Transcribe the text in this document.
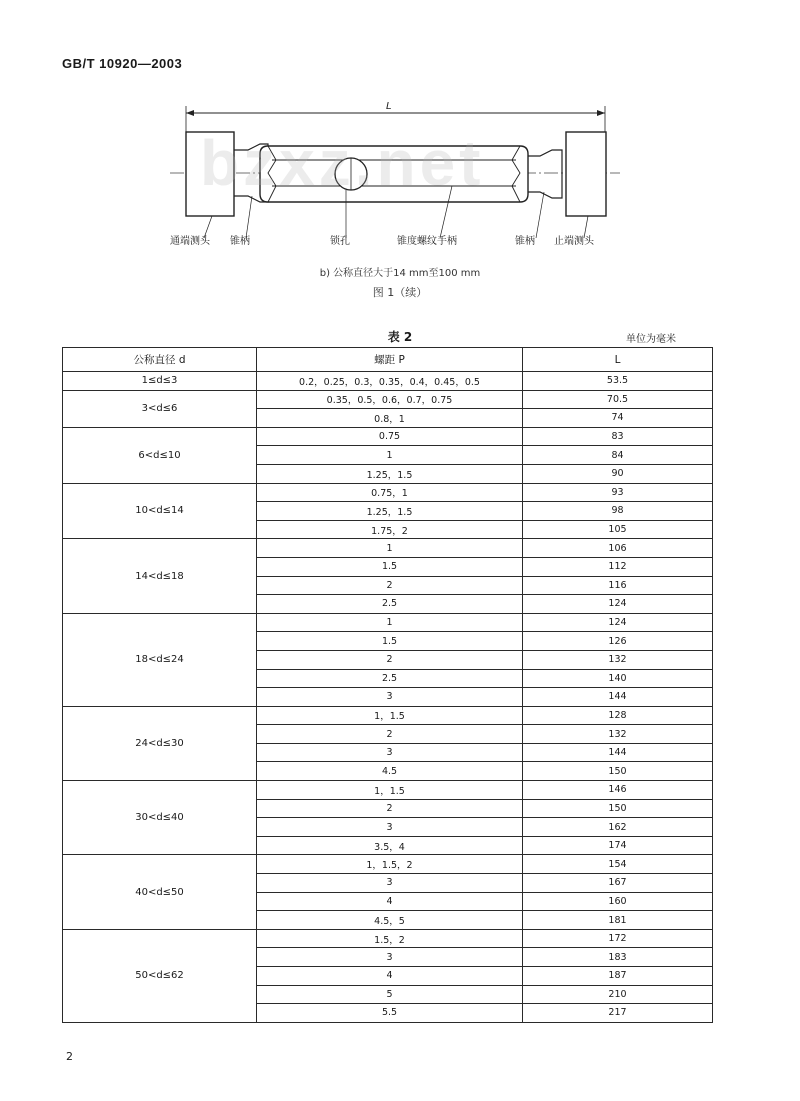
GB/T 10920—2003
L
通端测头 锥柄	锁孔	锥度螺纹手柄	锥柄 止端测头
bzxz.net
b) 公称直径大于14 mm至100 mm
图 1（续）
表 2	单位为毫米
公称直径 d	螺距 P	L
1≤d≤3	0.2，0.25，0.3，0.35，0.4，0.45，0.5	53.5
3<d≤6	0.35，0.5，0.6，0.7，0.75	70.5
	0.8，1	74
6<d≤10	0.75	83
	1	84
	1.25，1.5	90
10<d≤14	0.75，1	93
	1.25，1.5	98
	1.75，2	105
14<d≤18	1	106
	1.5	112
	2	116
	2.5	124
18<d≤24	1	124
	1.5	126
	2	132
	2.5	140
	3	144
24<d≤30	1，1.5	128
	2	132
	3	144
	4.5	150
30<d≤40	1，1.5	146
	2	150
	3	162
	3.5，4	174
40<d≤50	1，1.5，2	154
	3	167
	4	160
	4.5，5	181
50<d≤62	1.5，2	172
	3	183
	4	187
	5	210
	5.5	217
2
